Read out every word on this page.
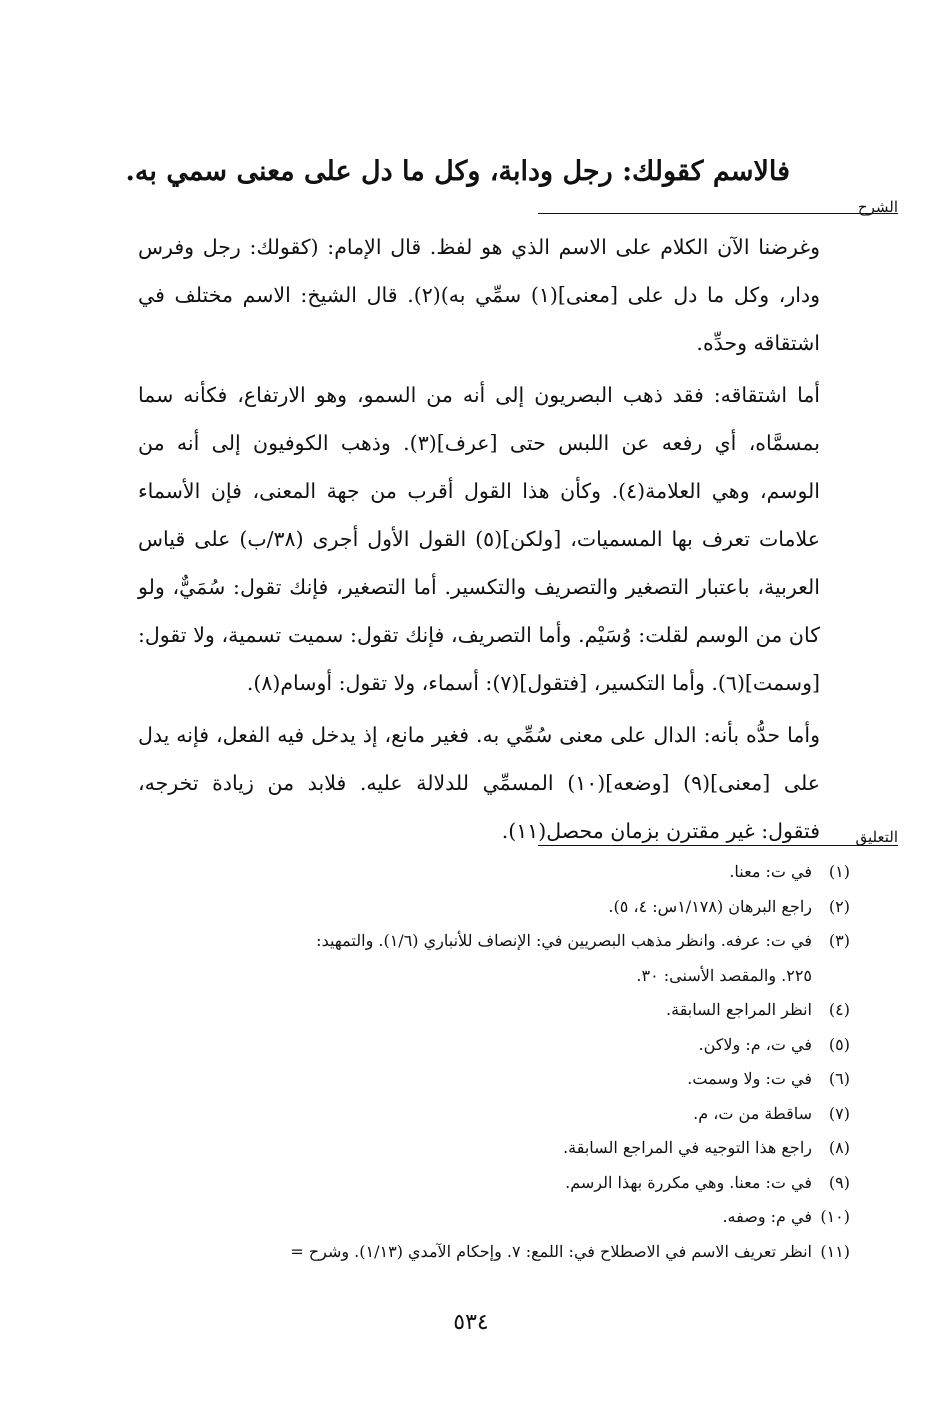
فالاسم كقولك: رجل ودابة، وكل ما دل على معنى سمي به.
الشرح

وغرضنا الآن الكلام على الاسم الذي هو لفظ. قال الإمام: (كقولك: رجل وفرس ودار، وكل ما دل على [معنى](١) سمِّي به)(٢). قال الشيخ: الاسم مختلف في اشتقاقه وحدِّه.

أما اشتقاقه: فقد ذهب البصريون إلى أنه من السمو، وهو الارتفاع، فكأنه سما بمسمَّاه، أي رفعه عن اللبس حتى [عرف](٣). وذهب الكوفيون إلى أنه من الوسم، وهي العلامة(٤). وكأن هذا القول أقرب من جهة المعنى، فإن الأسماء علامات تعرف بها المسميات، [ولكن](٥) القول الأول أجرى (٣٨/ب) على قياس العربية، باعتبار التصغير والتصريف والتكسير. أما التصغير، فإنك تقول: سُمَيٌّ، ولو كان من الوسم لقلت: وُسَيْم. وأما التصريف، فإنك تقول: سميت تسمية، ولا تقول: [وسمت](٦). وأما التكسير، [فتقول](٧): أسماء، ولا تقول: أوسام(٨).

وأما حدُّه بأنه: الدال على معنى سُمِّي به. فغير مانع، إذ يدخل فيه الفعل، فإنه يدل على [معنى](٩) [وضعه](١٠) المسمِّي للدلالة عليه. فلابد من زيادة تخرجه، فتقول: غير مقترن بزمان محصل(١١).	التعليق
(١)
في ت: معنا.
(٢)
راجع البرهان (١/١٧٨س: ٤، ٥).
(٣)
في ت: عرفه. وانظر مذهب البصريين في: الإنصاف للأنباري (١/٦). والتمهيد:
٢٢٥. والمقصد الأسنى: ٣٠.
(٤)
انظر المراجع السابقة.
(٥)
في ت، م: ولاكن.
(٦)
في ت: ولا وسمت.
(٧)
ساقطة من ت، م.
(٨)
راجع هذا التوجيه في المراجع السابقة.
(٩)
في ت: معنا. وهي مكررة بهذا الرسم.
(١٠)
في م: وصفه.
(١١)
انظر تعريف الاسم في الاصطلاح في: اللمع: ٧. وإحكام الآمدي (١/١٣). وشرح =
٥٣٤
